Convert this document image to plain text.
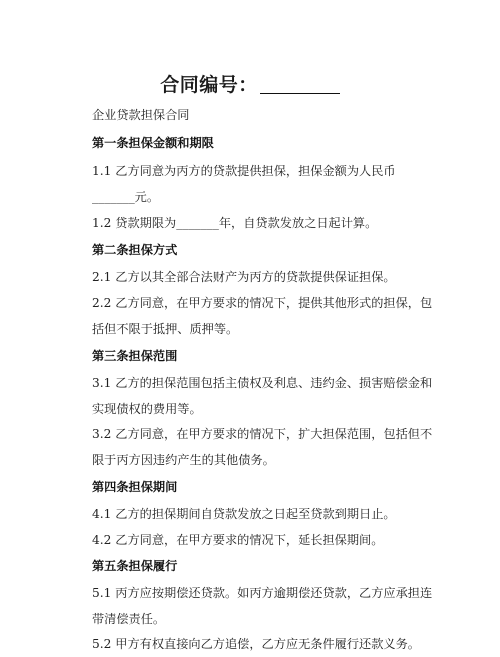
合同编号：
企业贷款担保合同
第一条担保金额和期限
1.1 乙方同意为丙方的贷款提供担保，担保金额为人民币
_______元。
1.2 贷款期限为_______年，自贷款发放之日起计算。
第二条担保方式
2.1 乙方以其全部合法财产为丙方的贷款提供保证担保。
2.2 乙方同意，在甲方要求的情况下，提供其他形式的担保，包
括但不限于抵押、质押等。
第三条担保范围
3.1 乙方的担保范围包括主债权及利息、违约金、损害赔偿金和
实现债权的费用等。
3.2 乙方同意，在甲方要求的情况下，扩大担保范围，包括但不
限于丙方因违约产生的其他债务。
第四条担保期间
4.1 乙方的担保期间自贷款发放之日起至贷款到期日止。
4.2 乙方同意，在甲方要求的情况下，延长担保期间。
第五条担保履行
5.1 丙方应按期偿还贷款。如丙方逾期偿还贷款，乙方应承担连
带清偿责任。
5.2 甲方有权直接向乙方追偿，乙方应无条件履行还款义务。
